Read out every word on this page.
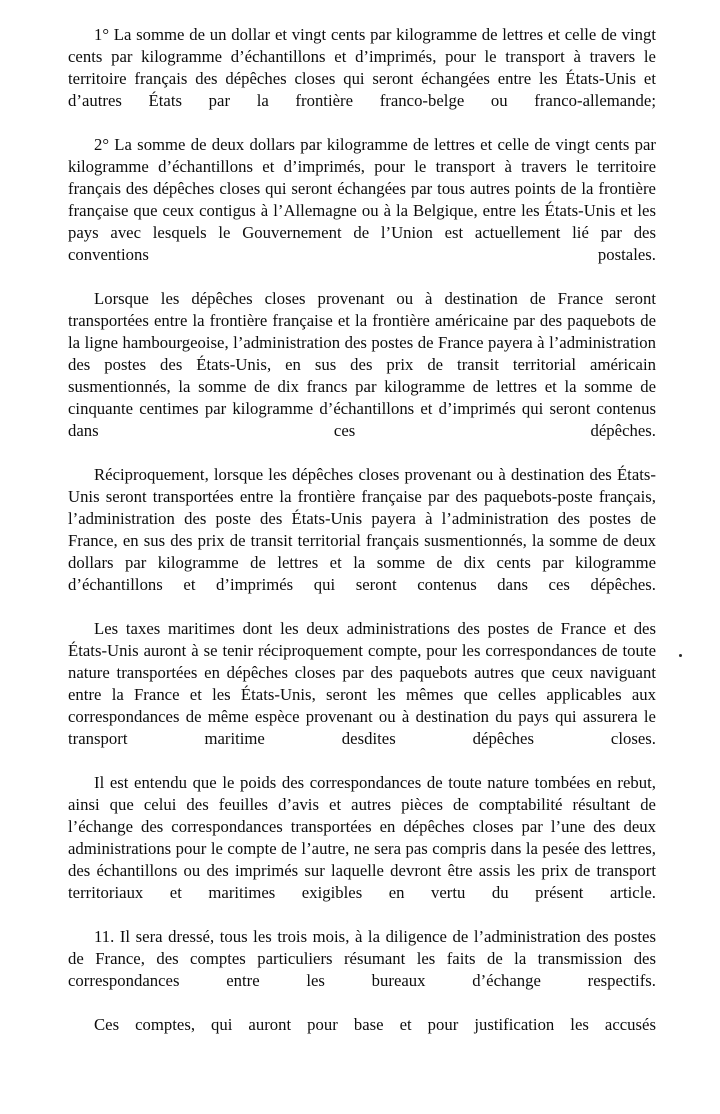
1° La somme de un dollar et vingt cents par kilogramme de lettres et celle de vingt cents par kilogramme d’échantillons et d’imprimés, pour le transport à travers le territoire français des dépêches closes qui seront échangées entre les États-Unis et d’autres États par la frontière franco-belge ou franco-allemande;

2° La somme de deux dollars par kilogramme de lettres et celle de vingt cents par kilogramme d’échantillons et d’imprimés, pour le transport à travers le territoire français des dépêches closes qui seront échangées par tous autres points de la frontière française que ceux contigus à l’Allemagne ou à la Belgique, entre les États-Unis et les pays avec lesquels le Gouvernement de l’Union est actuellement lié par des conventions postales.

Lorsque les dépêches closes provenant ou à destination de France seront transportées entre la frontière française et la frontière américaine par des paquebots de la ligne hambourgeoise, l’administration des postes de France payera à l’administration des postes des États-Unis, en sus des prix de transit territorial américain susmentionnés, la somme de dix francs par kilogramme de lettres et la somme de cinquante centimes par kilogramme d’échantillons et d’imprimés qui seront contenus dans ces dépêches.

Réciproquement, lorsque les dépêches closes provenant ou à destination des États-Unis seront transportées entre la frontière française par des paquebots-poste français, l’administration des poste des États-Unis payera à l’administration des postes de France, en sus des prix de transit territorial français susmentionnés, la somme de deux dollars par kilogramme de lettres et la somme de dix cents par kilogramme d’échantillons et d’imprimés qui seront contenus dans ces dépêches.

Les taxes maritimes dont les deux administrations des postes de France et des États-Unis auront à se tenir réciproquement compte, pour les correspondances de toute nature transportées en dépêches closes par des paquebots autres que ceux naviguant entre la France et les États-Unis, seront les mêmes que celles applicables aux correspondances de même espèce provenant ou à destination du pays qui assurera le transport maritime desdites dépêches closes.

Il est entendu que le poids des correspondances de toute nature tombées en rebut, ainsi que celui des feuilles d’avis et autres pièces de comptabilité résultant de l’échange des correspondances transportées en dépêches closes par l’une des deux administrations pour le compte de l’autre, ne sera pas compris dans la pesée des lettres, des échantillons ou des imprimés sur laquelle devront être assis les prix de transport territoriaux et maritimes exigibles en vertu du présent article.

11. Il sera dressé, tous les trois mois, à la diligence de l’administration des postes de France, des comptes particuliers résumant les faits de la transmission des correspondances entre les bureaux d’échange respectifs.

Ces comptes, qui auront pour base et pour justification les accusés
